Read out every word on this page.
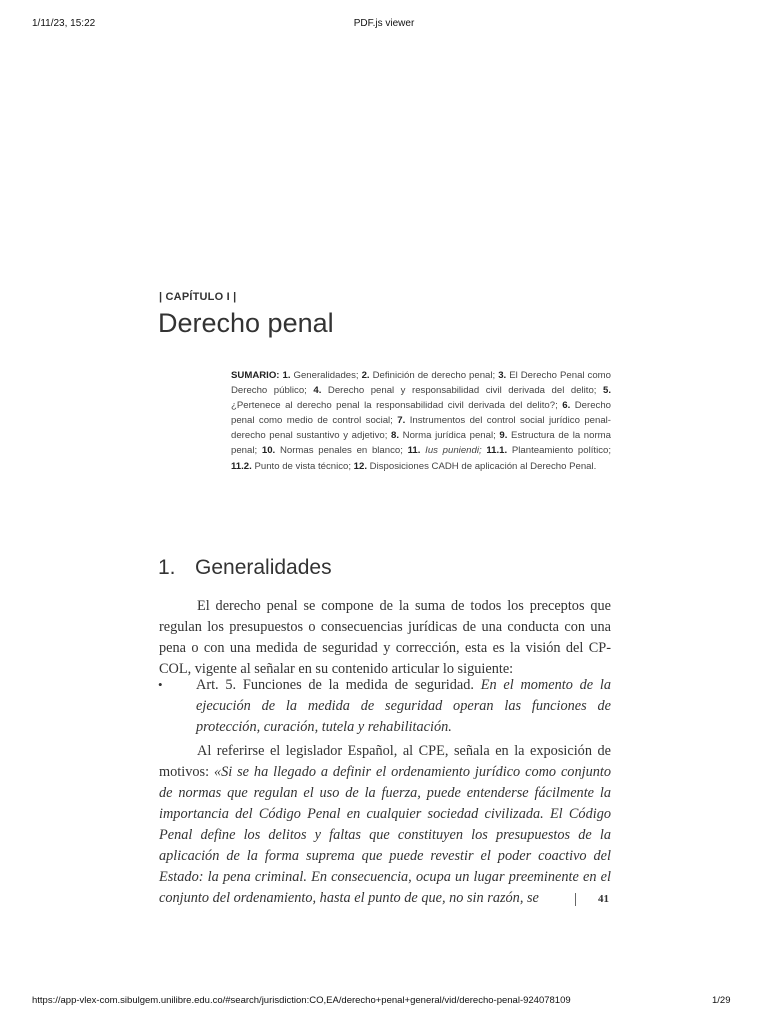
1/11/23, 15:22	PDF.js viewer
| CAPÍTULO I |
Derecho penal
SUMARIO: 1. Generalidades; 2. Definición de derecho penal; 3. El Derecho Penal como Derecho público; 4. Derecho penal y responsabilidad civil derivada del delito; 5. ¿Pertenece al derecho penal la responsabilidad civil derivada del delito?; 6. Derecho penal como medio de control social; 7. Instrumentos del control social jurídico penal- derecho penal sustantivo y adjetivo; 8. Norma jurídica penal; 9. Estructura de la norma penal; 10. Normas penales en blanco; 11. Ius puniendi; 11.1. Planteamiento político; 11.2. Punto de vista técnico; 12. Disposiciones CADH de aplicación al Derecho Penal.
1. Generalidades
El derecho penal se compone de la suma de todos los preceptos que regulan los presupuestos o consecuencias jurídicas de una conducta con una pena o con una medida de seguridad y corrección, esta es la visión del CP-COL, vigente al señalar en su contenido articular lo siguiente:
• Art. 5. Funciones de la medida de seguridad. En el momento de la ejecución de la medida de seguridad operan las funciones de protección, curación, tutela y rehabilitación.
Al referirse el legislador Español, al CPE, señala en la exposición de motivos: «Si se ha llegado a definir el ordenamiento jurídico como conjunto de normas que regulan el uso de la fuerza, puede entenderse fácilmente la importancia del Código Penal en cualquier sociedad civilizada. El Código Penal define los delitos y faltas que constituyen los presupuestos de la aplicación de la forma suprema que puede revestir el poder coactivo del Estado: la pena criminal. En consecuencia, ocupa un lugar preeminente en el conjunto del ordenamiento, hasta el punto de que, no sin razón, se	41
https://app-vlex-com.sibulgem.unilibre.edu.co/#search/jurisdiction:CO,EA/derecho+penal+general/vid/derecho-penal-924078109	1/29
